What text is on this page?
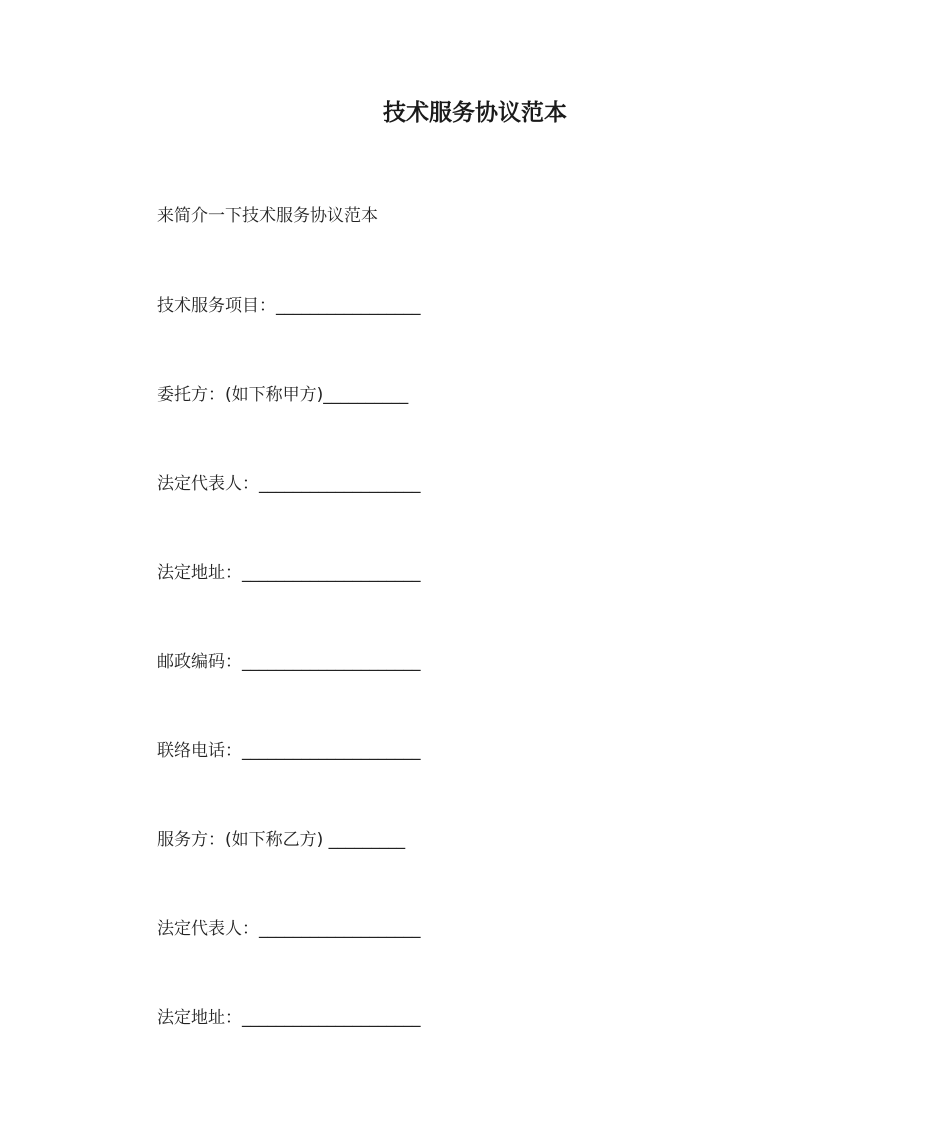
技术服务协议范本
来简介一下技术服务协议范本
技术服务项目：_________________
委托方：(如下称甲方)__________
法定代表人：___________________
法定地址：_____________________
邮政编码：_____________________
联络电话：_____________________
服务方：(如下称乙方) _________
法定代表人：___________________
法定地址：_____________________
